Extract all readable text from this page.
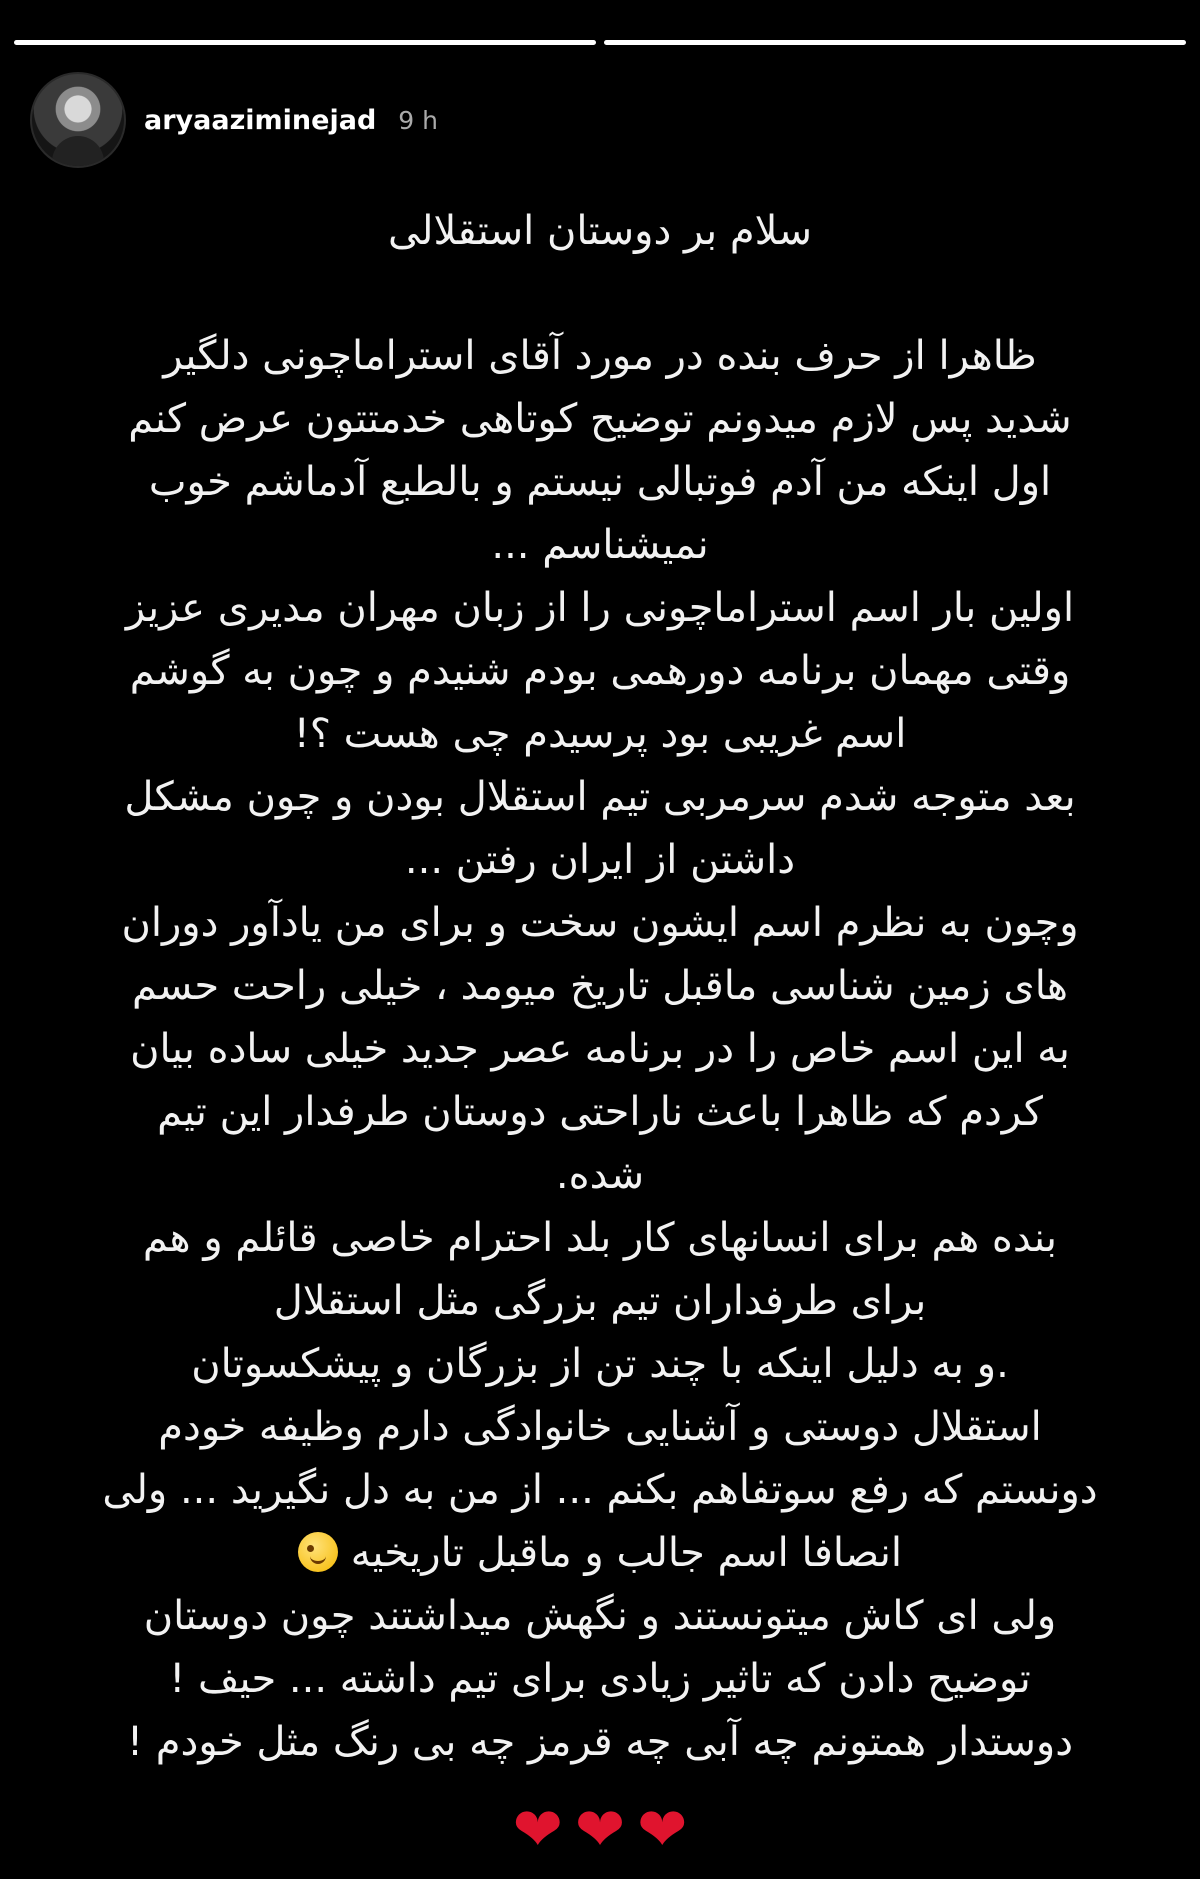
aryaaziminejad 9 h

سلام بر دوستان استقلالی

ظاهرا از حرف بنده در مورد آقای استراماچونی دلگیر

شدید پس لازم میدونم توضیح کوتاهی خدمتتون عرض کنم

اول اینکه من آدم فوتبالی نیستم و بالطبع آدماشم خوب

نمیشناسم ...

اولین بار اسم استراماچونی را از زبان مهران مدیری عزیز

وقتی مهمان برنامه دورهمی بودم شنیدم و چون به گوشم

اسم غریبی بود پرسیدم چی هست ؟!

بعد متوجه شدم سرمربی تیم استقلال بودن و چون مشکل

داشتن از ایران رفتن ...

وچون به نظرم اسم ایشون سخت و برای من یادآور دوران

های زمین شناسی ماقبل تاریخ میومد ، خیلی راحت حسم

به این اسم خاص را در برنامه عصر جدید خیلی ساده بیان

کردم که ظاهرا باعث ناراحتی دوستان طرفدار این تیم

شده.

بنده هم برای انسانهای کار بلد احترام خاصی قائلم و هم

برای طرفداران تیم بزرگی مثل استقلال

.و به دلیل اینکه با چند تن از بزرگان و پیشکسوتان

استقلال دوستی و آشنایی خانوادگی دارم وظیفه خودم

دونستم که رفع سوتفاهم بکنم ... از من به دل نگیرید ... ولی

انصافا اسم جالب و ماقبل تاریخیه

ولی ای کاش میتونستند و نگهش میداشتند چون دوستان

توضیح دادن که تاثیر زیادی برای تیم داشته ... حیف !

دوستدار همتونم چه آبی چه قرمز چه بی رنگ مثل خودم !

❤ ❤ ❤
